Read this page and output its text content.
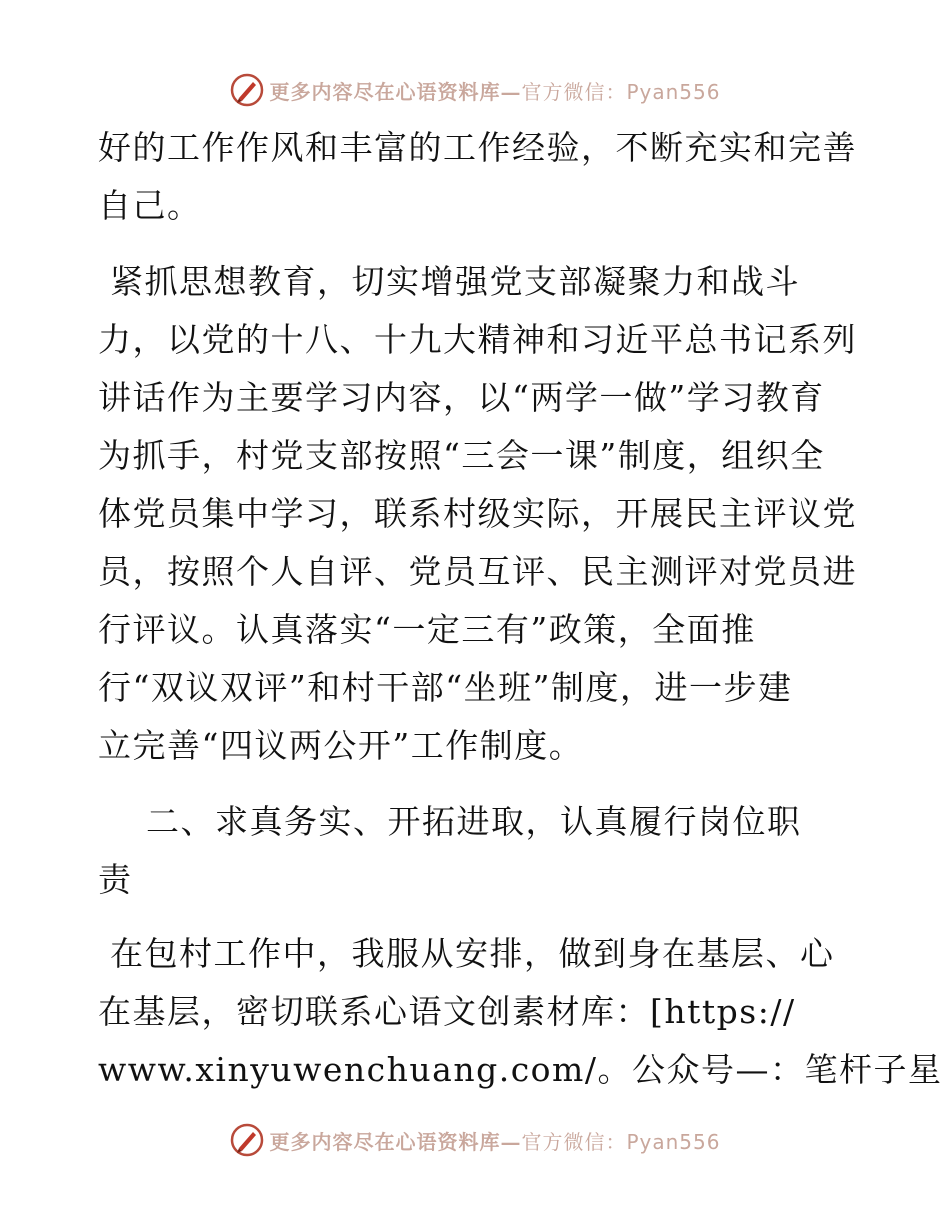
更多内容尽在心语资料库—官方微信：Pyan556
好的工作作风和丰富的工作经验，不断充实和完善
自己。
紧抓思想教育，切实增强党支部凝聚力和战斗
力，以党的十八、十九大精神和习近平总书记系列
讲话作为主要学习内容，以“两学一做”学习教育
为抓手，村党支部按照“三会一课”制度，组织全
体党员集中学习，联系村级实际，开展民主评议党
员，按照个人自评、党员互评、民主测评对党员进
行评议。认真落实“一定三有”政策，全面推
行“双议双评”和村干部“坐班”制度，进一步建
立完善“四议两公开”工作制度。
二、求真务实、开拓进取，认真履行岗位职
责
在包村工作中，我服从安排，做到身在基层、心
在基层，密切联系心语文创素材库：[https://
www.xinyuwenchuang.com/。公众号—：笔杆子星
更多内容尽在心语资料库—官方微信：Pyan556
